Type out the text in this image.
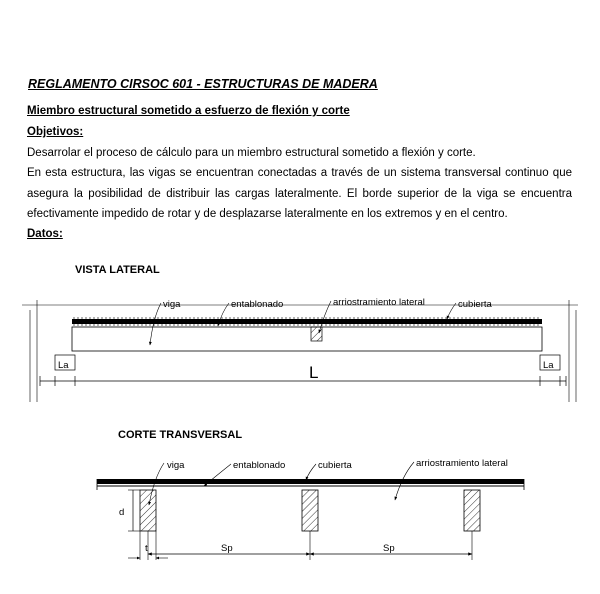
REGLAMENTO CIRSOC 601 - ESTRUCTURAS DE MADERA
Miembro estructural sometido a esfuerzo de flexión y corte
Objetivos:
Desarrolar el proceso de cálculo para un miembro estructural sometido a flexión y corte.
En esta estructura, las vigas se encuentran conectadas a través de un sistema transversal continuo que asegura la posibilidad de distribuir las cargas lateralmente. El borde superior de la viga se encuentra efectivamente impedido de rotar y de desplazarse lateralmente en los extremos y en el centro.
Datos:
VISTA LATERAL
La	La
L
viga	entablonado	arriostramiento lateral	cubierta
CORTE TRANSVERSAL
d
Sp	Sp
t
viga	entablonado	cubierta	arriostramiento lateral
